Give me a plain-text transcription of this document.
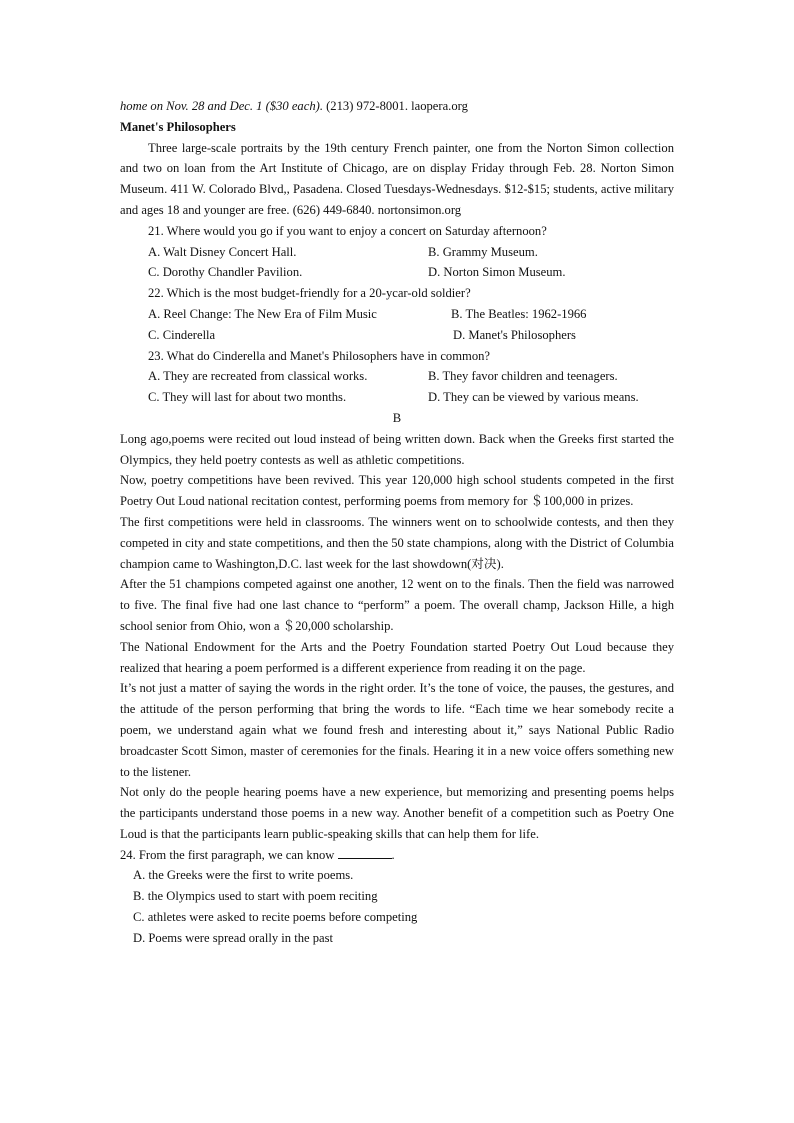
home on Nov. 28 and Dec. 1 ($30 each). (213) 972-8001. laopera.org
Manet's Philosophers
Three large-scale portraits by the 19th century French painter, one from the Norton Simon collection and two on loan from the Art Institute of Chicago, are on display Friday through Feb. 28. Norton Simon Museum. 411 W. Colorado Blvd,, Pasadena. Closed Tuesdays-Wednesdays. $12-$15; students, active military and ages 18 and younger are free. (626) 449-6840. nortonsimon.org
21. Where would you go if you want to enjoy a concert on Saturday afternoon?
A. Walt Disney Concert Hall.	B. Grammy Museum.
C. Dorothy Chandler Pavilion.	D. Norton Simon Museum.
22. Which is the most budget-friendly for a 20-ycar-old soldier?
A. Reel Change: The New Era of Film Music	B. The Beatles: 1962-1966
C. Cinderella	D. Manet's Philosophers
23. What do Cinderella and Manet's Philosophers have in common?
A. They are recreated from classical works.	B. They favor children and teenagers.
C. They will last for about two months.	D. They can be viewed by various means.
B
Long ago,poems were recited out loud instead of being written down. Back when the Greeks first started the Olympics, they held poetry contests as well as athletic competitions.
Now, poetry competitions have been revived. This year 120,000 high school students competed in the first Poetry Out Loud national recitation contest, performing poems from memory for ＄100,000 in prizes.
The first competitions were held in classrooms. The winners went on to schoolwide contests, and then they competed in city and state competitions, and then the 50 state champions, along with the District of Columbia champion came to Washington,D.C. last week for the last showdown(对决).
After the 51 champions competed against one another, 12 went on to the finals. Then the field was narrowed to five. The final five had one last chance to “perform” a poem. The overall champ, Jackson Hille, a high school senior from Ohio, won a ＄20,000 scholarship.
The National Endowment for the Arts and the Poetry Foundation started Poetry Out Loud because they realized that hearing a poem performed is a different experience from reading it on the page.
It’s not just a matter of saying the words in the right order. It’s the tone of voice, the pauses, the gestures, and the attitude of the person performing that bring the words to life. “Each time we hear somebody recite a poem, we understand again what we found fresh and interesting about it,” says National Public Radio broadcaster Scott Simon, master of ceremonies for the finals. Hearing it in a new voice offers something new to the listener.
Not only do the people hearing poems have a new experience, but memorizing and presenting poems helps the participants understand those poems in a new way. Another benefit of a competition such as Poetry One Loud is that the participants learn public-speaking skills that can help them for life.
24. From the first paragraph, we can know	.
A. the Greeks were the first to write poems.
B. the Olympics used to start with poem reciting
C. athletes were asked to recite poems before competing
D. Poems were spread orally in the past
